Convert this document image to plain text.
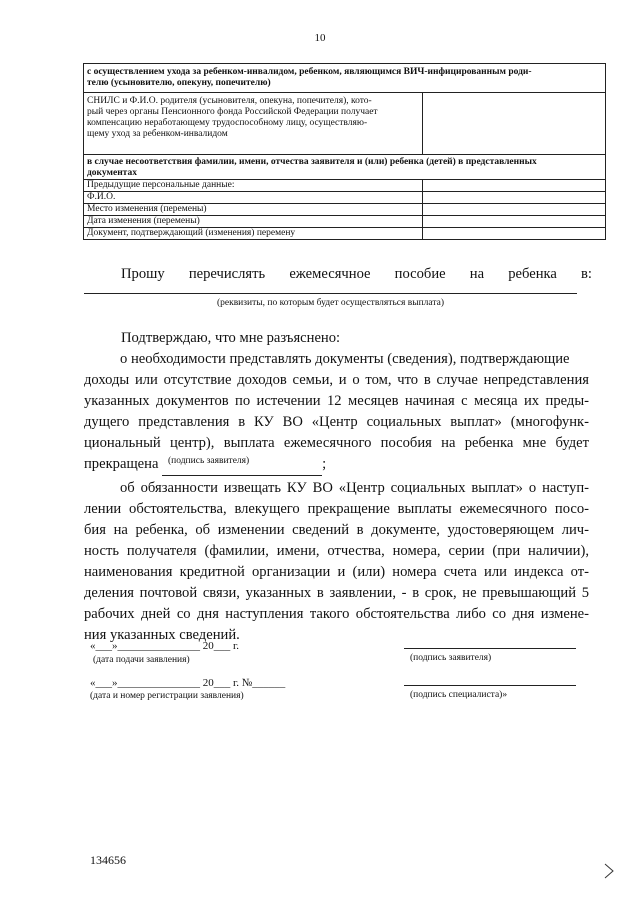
10
с осуществлением ухода за ребенком-инвалидом, ребенком, являющимся ВИЧ-инфицированным роди-
телю (усыновителю, опекуну, попечителю)	

СНИЛС и Ф.И.О. родителя (усыновителя, опекуна, попечителя), кото-
рый через органы Пенсионного фонда Российской Федерации получает
компенсацию неработающему трудоспособному лицу, осуществляю-
щему уход за ребенком-инвалидом	

в случае несоответствия фамилии, имени, отчества заявителя и (или) ребенка (детей) в представленных
документах	

Предыдущие персональные данные:	
Ф.И.О.	
Место изменения (перемены)	
Дата изменения (перемены)	
Документ, подтверждающий (изменения) перемену	
Прошу перечислять ежемесячное пособие на ребенка в:
(реквизиты, по которым будет осуществляться выплата)
Подтверждаю, что мне разъяснено:
о необходимости представлять документы (сведения), подтверждающие
доходы или отсутствие доходов семьи, и о том, что в случае непредставления
указанных документов по истечении 12 месяцев начиная с месяца их преды-
дущего представления в КУ ВО «Центр социальных выплат» (многофунк-
циональный центр), выплата ежемесячного пособия на ребенка мне будет
прекращена	;
(подпись заявителя)
об обязанности извещать КУ ВО «Центр социальных выплат» о наступ-
лении обстоятельства, влекущего прекращение выплаты ежемесячного посо-
бия на ребенка, об изменении сведений в документе, удостоверяющем лич-
ность получателя (фамилии, имени, отчества, номера, серии (при наличии),
наименования кредитной организации и (или) номера счета или индекса от-
деления почтовой связи, указанных в заявлении, - в срок, не превышающий 5
рабочих дней со дня наступления такого обстоятельства либо со дня измене-
ния указанных сведений.
«___»_______________ 20___ г.
(дата подачи заявления)	(подпись заявителя)
«___»_______________ 20___ г. №______
(дата и номер регистрации заявления)	(подпись специалиста)»
134656
